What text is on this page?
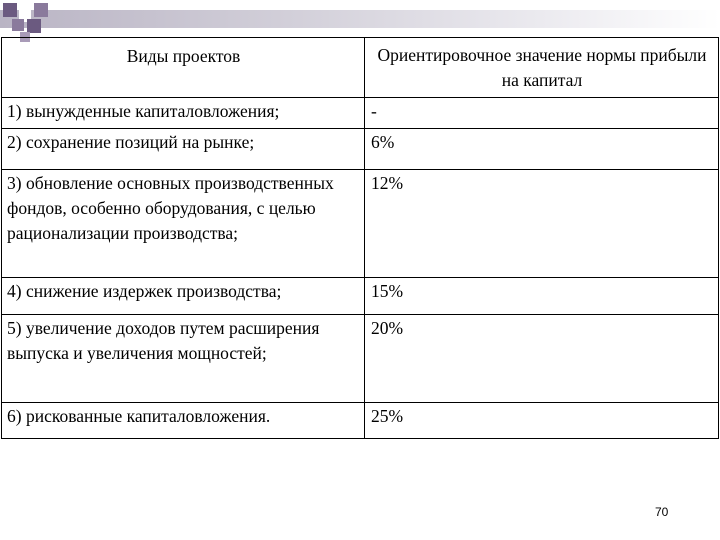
Виды проектов	Ориентировочное значение нормы прибыли на капитал
1) вынужденные капиталовложения;	-
2) сохранение позиций на рынке;	6%
3) обновление основных производственных фондов, особенно оборудования, с целью рационализации производства;	12%
4) снижение издержек производства;	15%
5) увеличение доходов путем расширения выпуска и увеличения мощностей;	20%
6) рискованные капиталовложения.	25%
70
